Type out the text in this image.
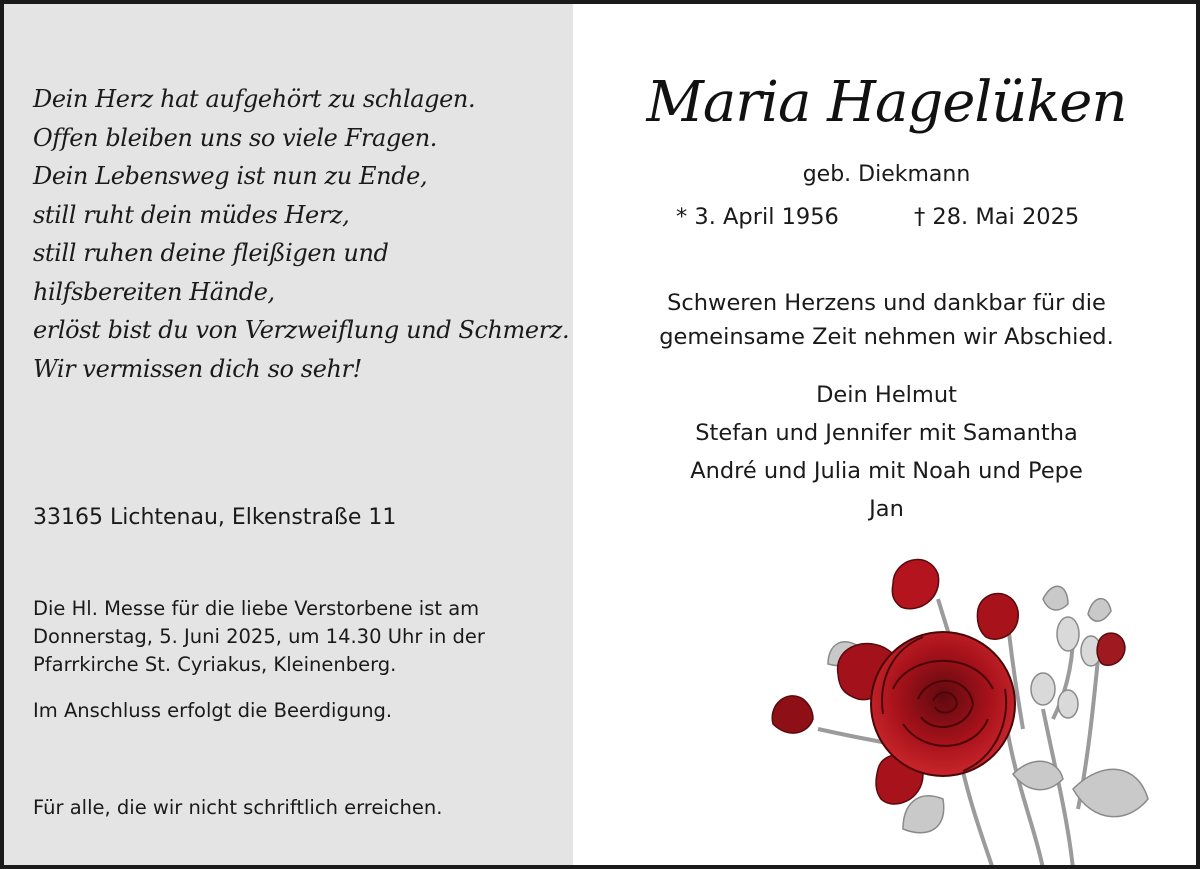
Dein Herz hat aufgehört zu schlagen.
Offen bleiben uns so viele Fragen.
Dein Lebensweg ist nun zu Ende,
still ruht dein müdes Herz,
still ruhen deine fleißigen und
hilfsbereiten Hände,
erlöst bist du von Verzweiflung und Schmerz.
Wir vermissen dich so sehr!

33165 Lichtenau, Elkenstraße 11
Die Hl. Messe für die liebe Verstorbene ist am
Donnerstag, 5. Juni 2025, um 14.30 Uhr in der
Pfarrkirche St. Cyriakus, Kleinenberg.
Im Anschluss erfolgt die Beerdigung.
Für alle, die wir nicht schriftlich erreichen.
Maria Hagelüken
geb. Diekmann
* 3. April 1956	† 28. Mai 2025
Schweren Herzens und dankbar für die
gemeinsame Zeit nehmen wir Abschied.
Dein Helmut
Stefan und Jennifer mit Samantha
André und Julia mit Noah und Pepe
Jan
